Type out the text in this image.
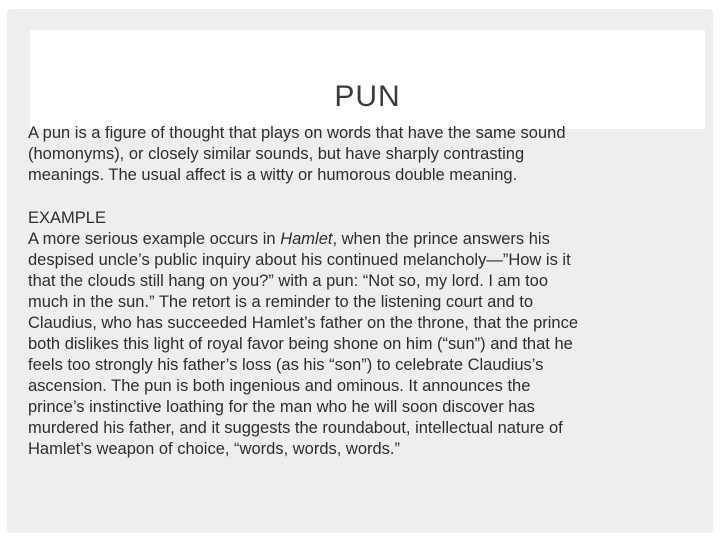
PUN

A pun is a figure of thought that plays on words that have the same sound
(homonyms), or closely similar sounds, but have sharply contrasting
meanings. The usual affect is a witty or humorous double meaning.

EXAMPLE

A more serious example occurs in Hamlet, when the prince answers his
despised uncle’s public inquiry about his continued melancholy—”How is it
that the clouds still hang on you?” with a pun: “Not so, my lord. I am too
much in the sun.” The retort is a reminder to the listening court and to
Claudius, who has succeeded Hamlet’s father on the throne, that the prince
both dislikes this light of royal favor being shone on him (“sun”) and that he
feels too strongly his father’s loss (as his “son”) to celebrate Claudius’s
ascension. The pun is both ingenious and ominous. It announces the
prince’s instinctive loathing for the man who he will soon discover has
murdered his father, and it suggests the roundabout, intellectual nature of
Hamlet’s weapon of choice, “words, words, words.”
